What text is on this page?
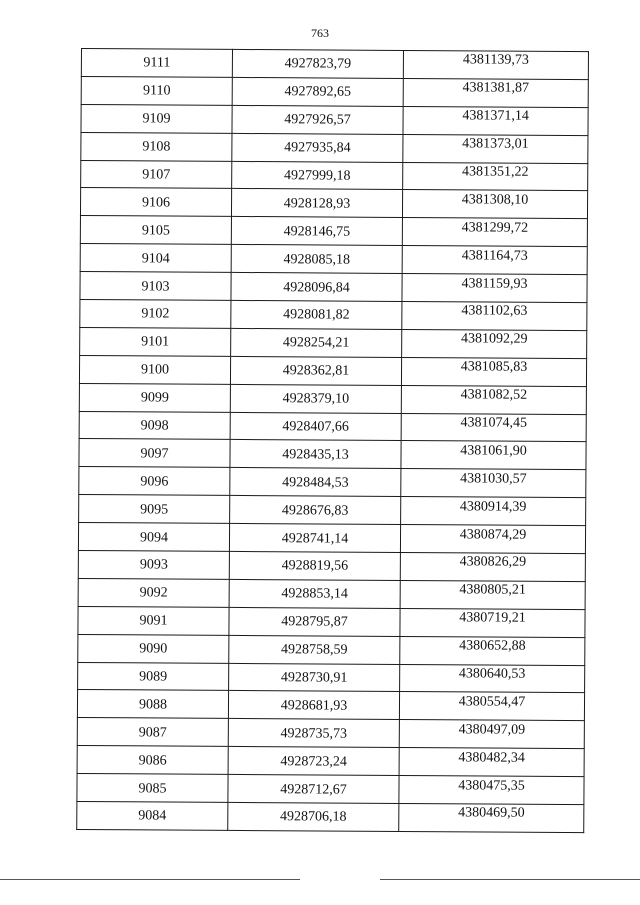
763
9111	4927823,79	4381139,73
9110	4927892,65	4381381,87
9109	4927926,57	4381371,14
9108	4927935,84	4381373,01
9107	4927999,18	4381351,22
9106	4928128,93	4381308,10
9105	4928146,75	4381299,72
9104	4928085,18	4381164,73
9103	4928096,84	4381159,93
9102	4928081,82	4381102,63
9101	4928254,21	4381092,29
9100	4928362,81	4381085,83
9099	4928379,10	4381082,52
9098	4928407,66	4381074,45
9097	4928435,13	4381061,90
9096	4928484,53	4381030,57
9095	4928676,83	4380914,39
9094	4928741,14	4380874,29
9093	4928819,56	4380826,29
9092	4928853,14	4380805,21
9091	4928795,87	4380719,21
9090	4928758,59	4380652,88
9089	4928730,91	4380640,53
9088	4928681,93	4380554,47
9087	4928735,73	4380497,09
9086	4928723,24	4380482,34
9085	4928712,67	4380475,35
9084	4928706,18	4380469,50
